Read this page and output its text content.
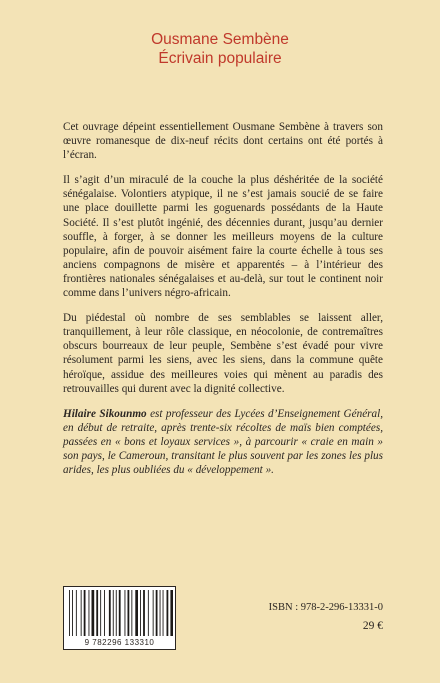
Ousmane Sembène
Écrivain populaire

Cet ouvrage dépeint essentiellement Ousmane Sembène à travers son œuvre romanesque de dix-neuf récits dont certains ont été portés à l’écran.

Il s’agit d’un miraculé de la couche la plus déshéritée de la société sénégalaise. Volontiers atypique, il ne s’est jamais soucié de se faire une place douillette parmi les goguenards possédants de la Haute Société. Il s’est plutôt ingénié, des décennies durant, jusqu’au dernier souffle, à forger, à se donner les meilleurs moyens de la culture populaire, afin de pouvoir aisément faire la courte échelle à tous ses anciens compagnons de misère et apparentés – à l’intérieur des frontières nationales sénégalaises et au-delà, sur tout le continent noir comme dans l’univers négro-africain.

Du piédestal où nombre de ses semblables se laissent aller, tranquillement, à leur rôle classique, en néocolonie, de contremaîtres obscurs bourreaux de leur peuple, Sembène s’est évadé pour vivre résolument parmi les siens, avec les siens, dans la commune quête héroïque, assidue des meilleures voies qui mènent au paradis des retrouvailles qui durent avec la dignité collective.

Hilaire Sikounmo est professeur des Lycées d’Enseignement Général, en début de retraite, après trente-six récoltes de maïs bien comptées, passées en « bons et loyaux services », à parcourir « craie en main » son pays, le Cameroun, transitant le plus souvent par les zones les plus arides, les plus oubliées du « développement ».

9 782296 133310
ISBN : 978-2-296-13331-0
29 €
